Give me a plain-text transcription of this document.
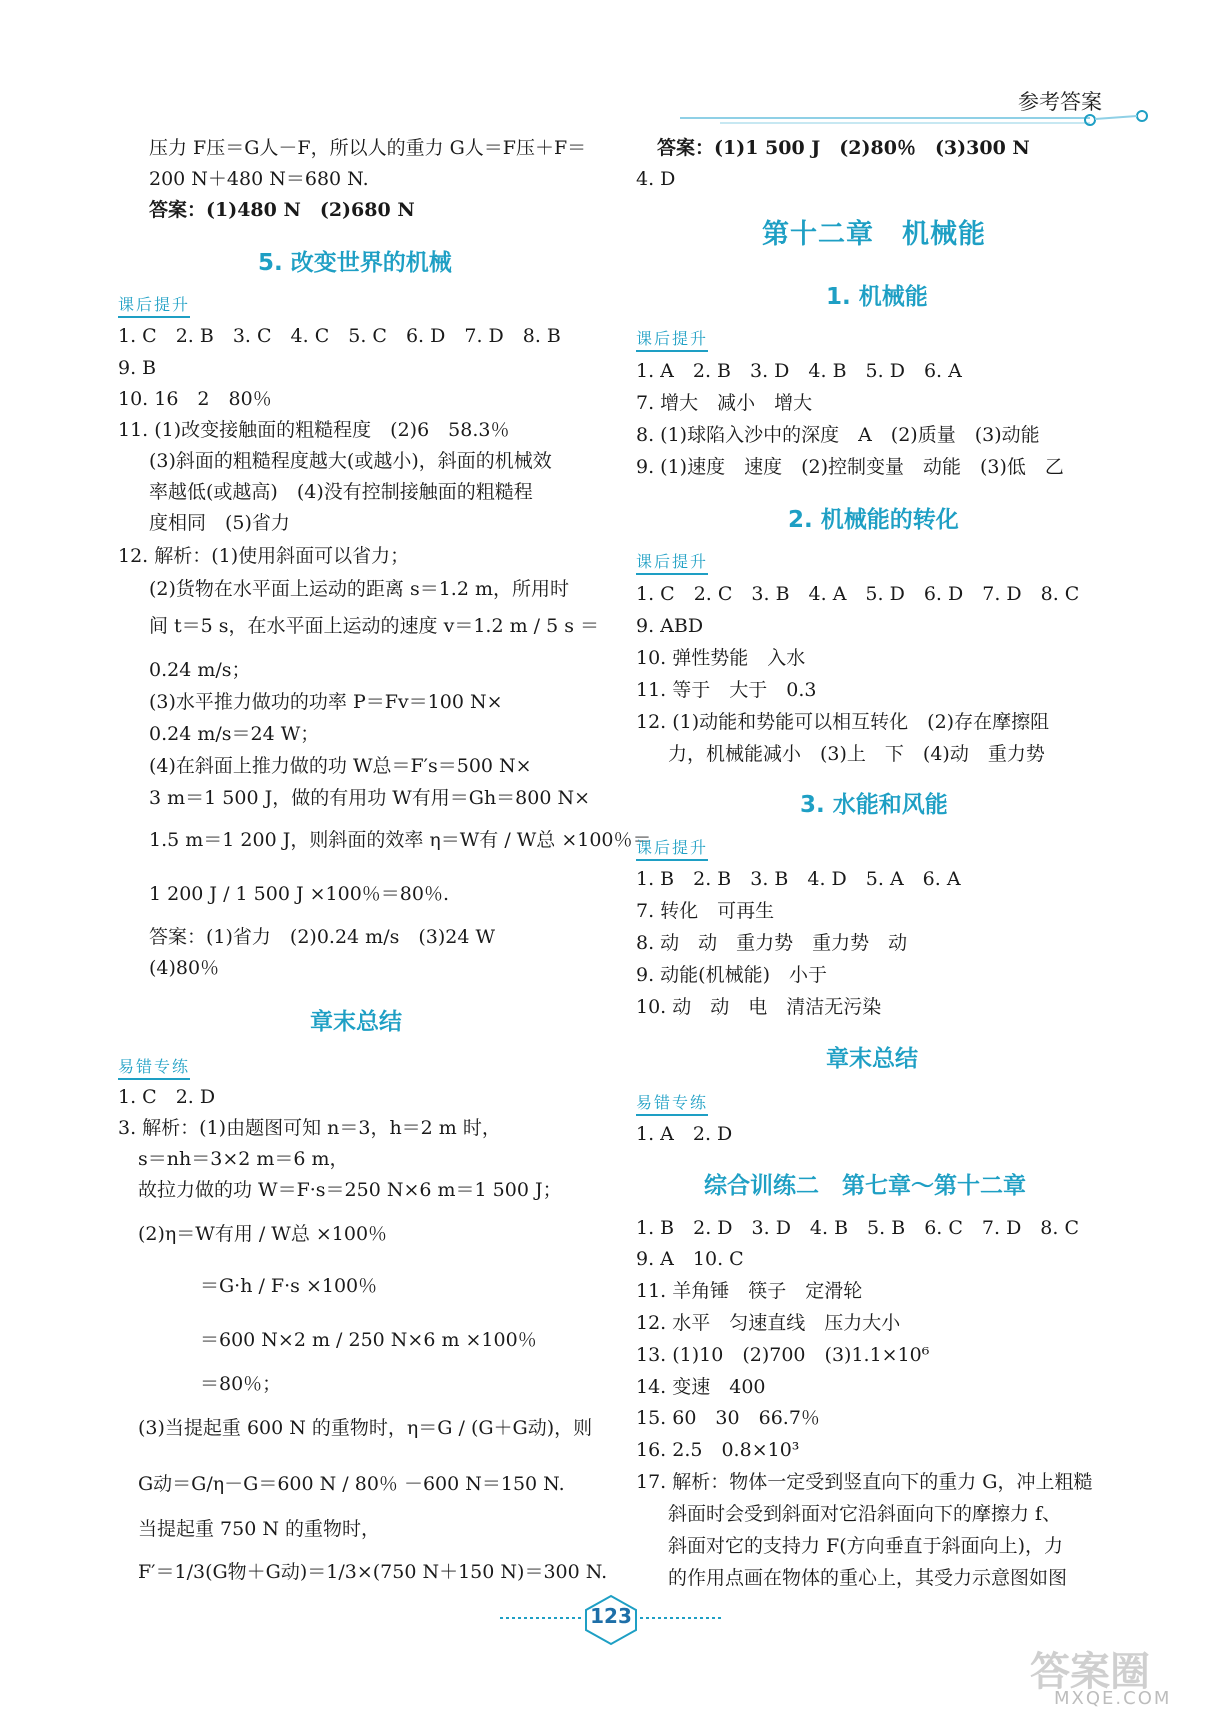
参考答案
压力 F压＝G人－F，所以人的重力 G人＝F压＋F＝
200 N＋480 N＝680 N.
答案：(1)480 N　(2)680 N
5. 改变世界的机械
课后提升
1. C　2. B　3. C　4. C　5. C　6. D　7. D　8. B
9. B
10. 16　2　80％
11. (1)改变接触面的粗糙程度　(2)6　58.3％
(3)斜面的粗糙程度越大(或越小)，斜面的机械效
率越低(或越高)　(4)没有控制接触面的粗糙程
度相同　(5)省力
12. 解析：(1)使用斜面可以省力；
(2)货物在水平面上运动的距离 s＝1.2 m，所用时
间 t＝5 s，在水平面上运动的速度 v＝1.2 m / 5 s ＝
0.24 m/s；
(3)水平推力做功的功率 P＝Fv＝100 N×
0.24 m/s＝24 W；
(4)在斜面上推力做的功 W总＝F′s＝500 N×
3 m＝1 500 J，做的有用功 W有用＝Gh＝800 N×
1.5 m＝1 200 J，则斜面的效率 η＝W有 / W总 ×100％＝
1 200 J / 1 500 J ×100％＝80％.
答案：(1)省力　(2)0.24 m/s　(3)24 W
(4)80％
章末总结
易错专练
1. C　2. D
3. 解析：(1)由题图可知 n＝3，h＝2 m 时，
s＝nh＝3×2 m＝6 m，
故拉力做的功 W＝F·s＝250 N×6 m＝1 500 J；
(2)η＝W有用 / W总 ×100％
＝G·h / F·s ×100％
＝600 N×2 m / 250 N×6 m ×100％
＝80％；
(3)当提起重 600 N 的重物时，η＝G / (G＋G动)，则
G动＝G/η－G＝600 N / 80％ －600 N＝150 N.
当提起重 750 N 的重物时，
F′＝1/3(G物＋G动)＝1/3×(750 N＋150 N)＝300 N.
答案：(1)1 500 J　(2)80％　(3)300 N
4. D
第十二章　机械能
1. 机械能
课后提升
1. A　2. B　3. D　4. B　5. D　6. A
7. 增大　减小　增大
8. (1)球陷入沙中的深度　A　(2)质量　(3)动能
9. (1)速度　速度　(2)控制变量　动能　(3)低　乙
2. 机械能的转化
课后提升
1. C　2. C　3. B　4. A　5. D　6. D　7. D　8. C
9. ABD
10. 弹性势能　入水
11. 等于　大于　0.3
12. (1)动能和势能可以相互转化　(2)存在摩擦阻
力，机械能减小　(3)上　下　(4)动　重力势
3. 水能和风能
课后提升
1. B　2. B　3. B　4. D　5. A　6. A
7. 转化　可再生
8. 动　动　重力势　重力势　动
9. 动能(机械能)　小于
10. 动　动　电　清洁无污染
章末总结
易错专练
1. A　2. D
综合训练二　第七章～第十二章
1. B　2. D　3. D　4. B　5. B　6. C　7. D　8. C
9. A　10. C
11. 羊角锤　筷子　定滑轮
12. 水平　匀速直线　压力大小
13. (1)10　(2)700　(3)1.1×10⁶
14. 变速　400
15. 60　30　66.7％
16. 2.5　0.8×10³
17. 解析：物体一定受到竖直向下的重力 G，冲上粗糙
斜面时会受到斜面对它沿斜面向下的摩擦力 f、
斜面对它的支持力 F(方向垂直于斜面向上)，力
的作用点画在物体的重心上，其受力示意图如图
123
答案圈
MXQE.COM
